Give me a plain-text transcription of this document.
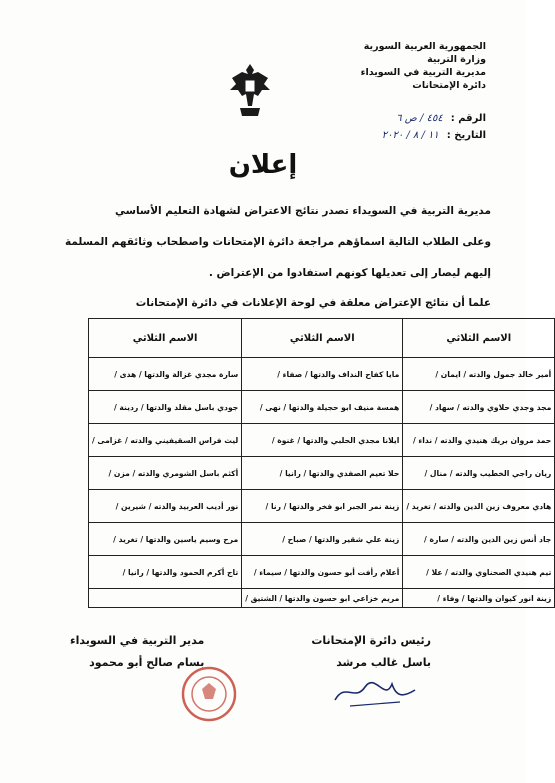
الجمهورية العربية السورية
وزارة التربية
مديرية التربية في السويداء
دائرة الإمتحانات
الرقم :٤٥٤ / ص ٦
التاريخ :١١ / ٨ / ٢٠٢٠
إعلان
مديرية التربية في السويداء تصدر نتائج الاعتراض لشهادة التعليم الأساسي
وعلى الطلاب التالية اسماؤهم مراجعة دائرة الإمتحانات واصطحاب وثائقهم المسلمة
إليهم ليصار إلى تعديلها كونهم استفادوا من الإعتراض .
علما أن نتائج الإعتراض معلقة في لوحة الإعلانات في دائرة الإمتحانات
الاسم الثلاثي	الاسم الثلاثي	الاسم الثلاثي
أمير خالد جمول والدته / ايمان /	مايا كفاح النداف والدتها / صفاء /	سارة مجدي غزالة والدتها / هدى /
مجد وجدي حلاوي والدته / سهاد /	همسة منيف ابو حجيلة والدتها / نهى /	جودي باسل مقلد والدتها / ردينة /
حمد مروان بريك هنيدي والدته / نداء /	ايلانا مجدي الحلبي والدتها / غنوة /	ليث فراس السقيفيني والدته / غزامى /
ريان راجي الخطيب والدته / منال /	حلا تعيم الصفدي والدتها / رانيا /	أكثم باسل الشومري والدته / مزن /
هادي معروف زين الدين والدته / تغريد /	زينة نمر الجبر ابو فخر والدتها / رنا /	نور أديب العربيد والدته / شيرين /
جاد أنس زين الدين والدته / سارة /	زينة علي شقير والدتها / صباح /	مرح وسيم ياسين والدتها / تغريد /
تيم هنيدي الصحناوي والدته / علا /	أعلام رأفت أبو حسون والدتها / سيماء /	تاج أكرم الحمود والدتها / رانيا /
زينة انور كيوان والدتها / وفاء /	مريم خزاعي ابو حسون والدتها / الشتيق /	
مدير التربية في السويداء
بسام صالح أبو محمود
رئيس دائرة الإمتحانات
باسل غالب مرشد
